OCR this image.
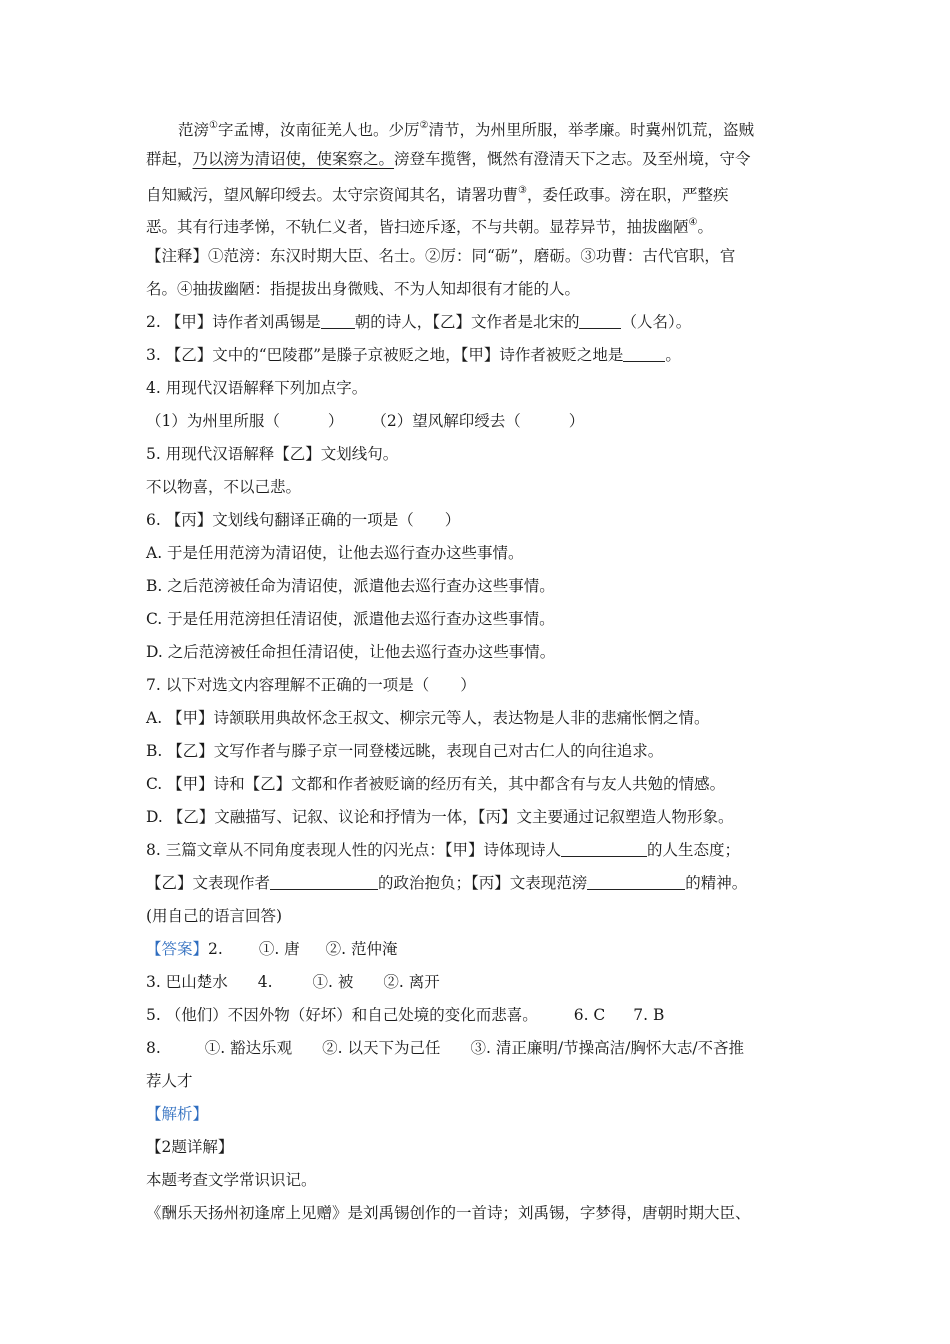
范滂①字孟博，汝南征羌人也。少厉②清节，为州里所服，举孝廉。时冀州饥荒，盗贼
群起，乃以滂为清诏使，使案察之。滂登车揽辔，慨然有澄清天下之志。及至州境，守令
自知臧污，望风解印绶去。太守宗资闻其名，请署功曹③，委任政事。滂在职，严整疾
恶。其有行违孝悌，不轨仁义者，皆扫迹斥逐，不与共朝。显荐异节，抽拔幽陋④。
【注释】①范滂：东汉时期大臣、名士。②厉：同“砺”，磨砺。③功曹：古代官职，官
名。④抽拔幽陋：指提拔出身微贱、不为人知却很有才能的人。
2. 【甲】诗作者刘禹锡是 朝的诗人，【乙】文作者是北宋的	（人名）。
3. 【乙】文中的“巴陵郡”是滕子京被贬之地，【甲】诗作者被贬之地是	。
4. 用现代汉语解释下列加点字。
（1）为州里所服（	） （2）望风解印绶去（	）
5. 用现代汉语解释【乙】文划线句。
不以物喜，不以己悲。
6. 【丙】文划线句翻译正确的一项是（　　）
A. 于是任用范滂为清诏使，让他去巡行查办这些事情。
B. 之后范滂被任命为清诏使，派遣他去巡行查办这些事情。
C. 于是任用范滂担任清诏使，派遣他去巡行查办这些事情。
D. 之后范滂被任命担任清诏使，让他去巡行查办这些事情。
7. 以下对选文内容理解不正确的一项是（　　）
A. 【甲】诗颔联用典故怀念王叔文、柳宗元等人，表达物是人非的悲痛怅惘之情。
B. 【乙】文写作者与滕子京一同登楼远眺，表现自己对古仁人的向往追求。
C. 【甲】诗和【乙】文都和作者被贬谪的经历有关，其中都含有与友人共勉的情感。
D. 【乙】文融描写、记叙、议论和抒情为一体，【丙】文主要通过记叙塑造人物形象。
8. 三篇文章从不同角度表现人性的闪光点：【甲】诗体现诗人	的人生态度；
【乙】文表现作者	的政治抱负；【丙】文表现范滂	的精神。
(用自己的语言回答)
【答案】2. ①. 唐 ②. 范仲淹
3. 巴山楚水 4.	①. 被 ②. 离开
5. （他们）不因外物（好坏）和自己处境的变化而悲喜。 6. C 7. B
8.	①. 豁达乐观 ②. 以天下为己任 ③. 清正廉明/节操高洁/胸怀大志/不吝推
荐人才
【解析】
【2题详解】
本题考查文学常识识记。
《酬乐天扬州初逢席上见赠》是刘禹锡创作的一首诗；刘禹锡，字梦得，唐朝时期大臣、
